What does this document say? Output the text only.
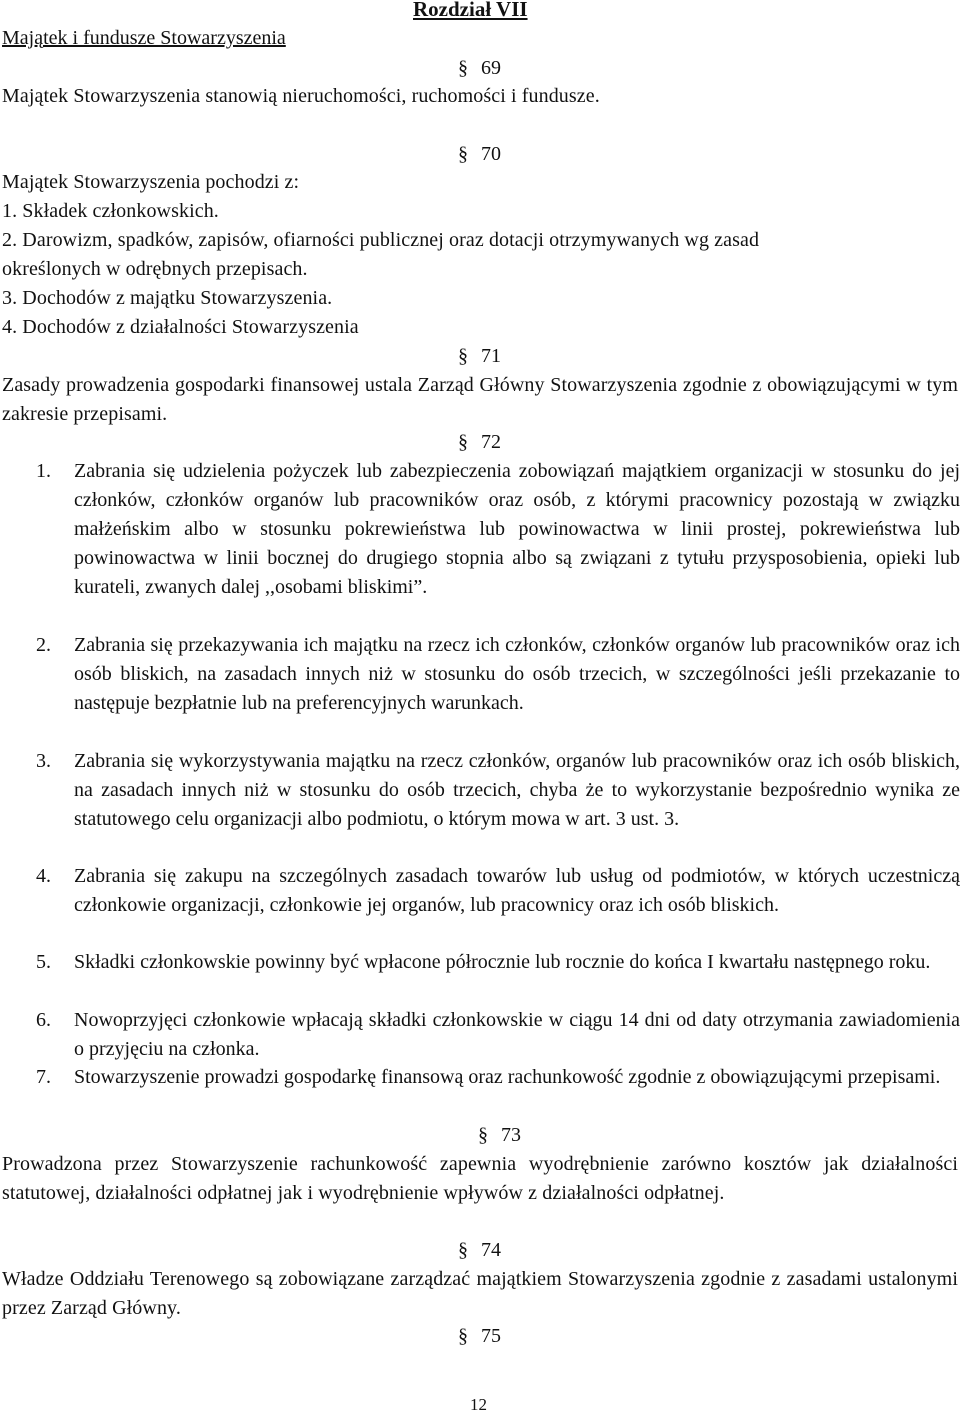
Rozdział VII
Majątek i fundusze Stowarzyszenia
§ 69
Majątek Stowarzyszenia stanowią nieruchomości, ruchomości i fundusze.
§ 70
Majątek Stowarzyszenia pochodzi z:
1. Składek członkowskich.
2. Darowizm, spadków, zapisów, ofiarności publicznej oraz dotacji otrzymywanych wg zasad
określonych w odrębnych przepisach.
3. Dochodów z majątku Stowarzyszenia.
4. Dochodów z działalności Stowarzyszenia
§ 71
Zasady prowadzenia gospodarki finansowej ustala Zarząd Główny Stowarzyszenia zgodnie z obowiązującymi w tym zakresie przepisami.
§ 72
1. Zabrania się udzielenia pożyczek lub zabezpieczenia zobowiązań majątkiem organizacji w stosunku do jej członków, członków organów lub pracowników oraz osób, z którymi pracownicy pozostają w związku małżeńskim albo w stosunku pokrewieństwa lub powinowactwa w linii prostej, pokrewieństwa lub powinowactwa w linii bocznej do drugiego stopnia albo są związani z tytułu przysposobienia, opieki lub kurateli, zwanych dalej ,,osobami bliskimi”.
2. Zabrania się przekazywania ich majątku na rzecz ich członków, członków organów lub pracowników oraz ich osób bliskich, na zasadach innych niż w stosunku do osób trzecich, w szczególności jeśli przekazanie to następuje bezpłatnie lub na preferencyjnych warunkach.
3. Zabrania się wykorzystywania majątku na rzecz członków, organów lub pracowników oraz ich osób bliskich, na zasadach innych niż w stosunku do osób trzecich, chyba że to wykorzystanie bezpośrednio wynika ze statutowego celu organizacji albo podmiotu, o którym mowa w art. 3 ust. 3.
4. Zabrania się zakupu na szczególnych zasadach towarów lub usług od podmiotów, w których uczestniczą członkowie organizacji, członkowie jej organów, lub pracownicy oraz ich osób bliskich.
5. Składki członkowskie powinny być wpłacone półrocznie lub rocznie do końca I kwartału następnego roku.
6. Nowoprzyjęci członkowie wpłacają składki członkowskie w ciągu 14 dni od daty otrzymania zawiadomienia o przyjęciu na członka.
7. Stowarzyszenie prowadzi gospodarkę finansową oraz rachunkowość zgodnie z obowiązującymi przepisami.
§ 73
Prowadzona przez Stowarzyszenie rachunkowość zapewnia wyodrębnienie zarówno kosztów jak działalności statutowej, działalności odpłatnej jak i wyodrębnienie wpływów z działalności odpłatnej.
§ 74
Władze Oddziału Terenowego są zobowiązane zarządzać majątkiem Stowarzyszenia zgodnie z zasadami ustalonymi przez Zarząd Główny.
§ 75
12
